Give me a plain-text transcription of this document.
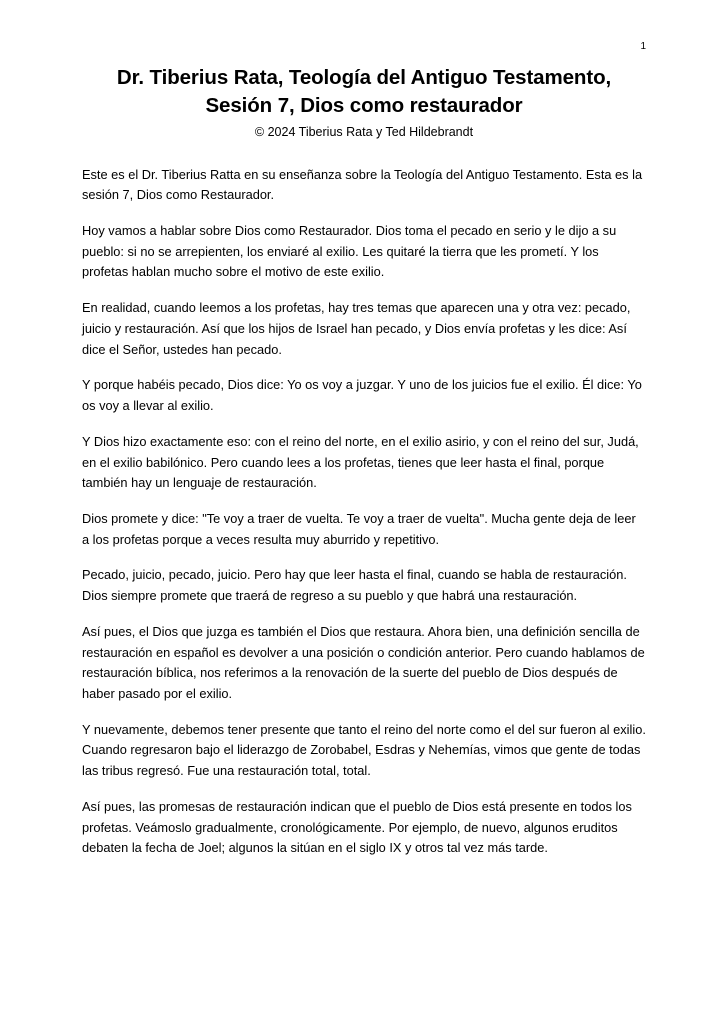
1
Dr. Tiberius Rata, Teología del Antiguo Testamento,
Sesión 7, Dios como restaurador
© 2024 Tiberius Rata y Ted Hildebrandt

Este es el Dr. Tiberius Ratta en su enseñanza sobre la Teología del Antiguo Testamento. Esta es la sesión 7, Dios como Restaurador.

Hoy vamos a hablar sobre Dios como Restaurador. Dios toma el pecado en serio y le dijo a su pueblo: si no se arrepienten, los enviaré al exilio. Les quitaré la tierra que les prometí. Y los profetas hablan mucho sobre el motivo de este exilio.

En realidad, cuando leemos a los profetas, hay tres temas que aparecen una y otra vez: pecado, juicio y restauración. Así que los hijos de Israel han pecado, y Dios envía profetas y les dice: Así dice el Señor, ustedes han pecado.

Y porque habéis pecado, Dios dice: Yo os voy a juzgar. Y uno de los juicios fue el exilio. Él dice: Yo os voy a llevar al exilio.

Y Dios hizo exactamente eso: con el reino del norte, en el exilio asirio, y con el reino del sur, Judá, en el exilio babilónico. Pero cuando lees a los profetas, tienes que leer hasta el final, porque también hay un lenguaje de restauración.

Dios promete y dice: "Te voy a traer de vuelta. Te voy a traer de vuelta". Mucha gente deja de leer a los profetas porque a veces resulta muy aburrido y repetitivo.

Pecado, juicio, pecado, juicio. Pero hay que leer hasta el final, cuando se habla de restauración. Dios siempre promete que traerá de regreso a su pueblo y que habrá una restauración.

Así pues, el Dios que juzga es también el Dios que restaura. Ahora bien, una definición sencilla de restauración en español es devolver a una posición o condición anterior. Pero cuando hablamos de restauración bíblica, nos referimos a la renovación de la suerte del pueblo de Dios después de haber pasado por el exilio.

Y nuevamente, debemos tener presente que tanto el reino del norte como el del sur fueron al exilio. Cuando regresaron bajo el liderazgo de Zorobabel, Esdras y Nehemías, vimos que gente de todas las tribus regresó. Fue una restauración total, total.

Así pues, las promesas de restauración indican que el pueblo de Dios está presente en todos los profetas. Veámoslo gradualmente, cronológicamente. Por ejemplo, de nuevo, algunos eruditos debaten la fecha de Joel; algunos la sitúan en el siglo IX y otros tal vez más tarde.
